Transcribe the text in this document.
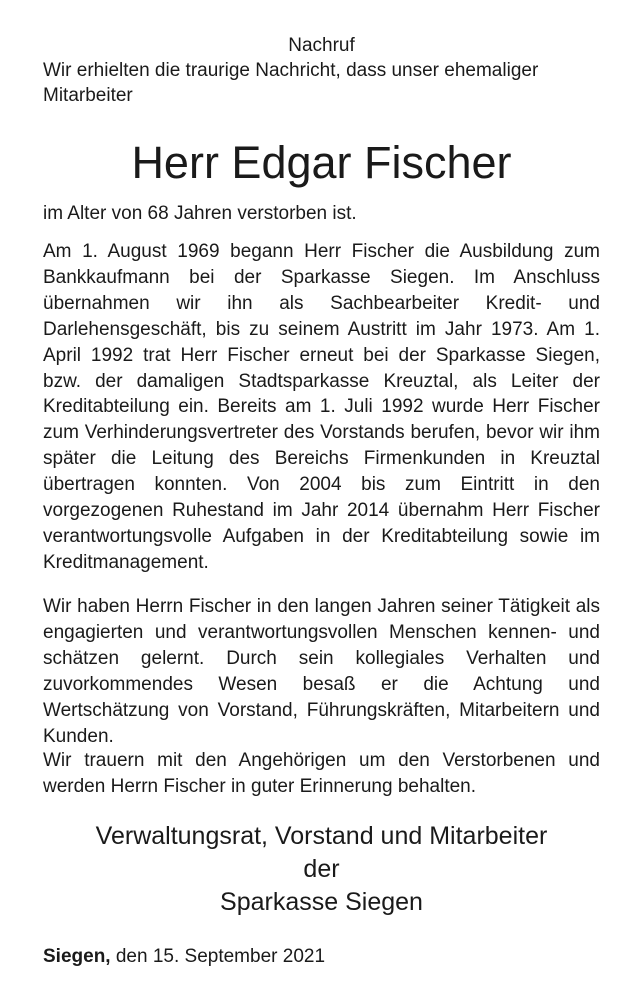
Nachruf
Wir erhielten die traurige Nachricht, dass unser ehemaliger Mitarbeiter
Herr Edgar Fischer
im Alter von 68 Jahren verstorben ist.

Am 1. August 1969 begann Herr Fischer die Ausbildung zum Bankkaufmann bei der Sparkasse Siegen. Im Anschluss übernahmen wir ihn als Sachbearbeiter Kredit- und Darlehensgeschäft, bis zu seinem Austritt im Jahr 1973. Am 1. April 1992 trat Herr Fischer erneut bei der Sparkasse Siegen, bzw. der damaligen Stadtsparkasse Kreuztal, als Leiter der Kreditabteilung ein. Bereits am 1. Juli 1992 wurde Herr Fischer zum Verhinderungsvertreter des Vorstands berufen, bevor wir ihm später die Leitung des Bereichs Firmenkunden in Kreuztal übertragen konnten. Von 2004 bis zum Eintritt in den vorgezogenen Ruhestand im Jahr 2014 übernahm Herr Fischer verantwortungsvolle Aufgaben in der Kreditabteilung sowie im Kreditmanagement.

Wir haben Herrn Fischer in den langen Jahren seiner Tätigkeit als engagierten und verantwortungsvollen Menschen kennen- und schätzen gelernt. Durch sein kollegiales Verhalten und zuvorkommendes Wesen besaß er die Achtung und Wertschätzung von Vorstand, Führungskräften, Mitarbeitern und Kunden.

Wir trauern mit den Angehörigen um den Verstorbenen und werden Herrn Fischer in guter Erinnerung behalten.

Verwaltungsrat, Vorstand und Mitarbeiter
der
Sparkasse Siegen
Siegen, den 15. September 2021
